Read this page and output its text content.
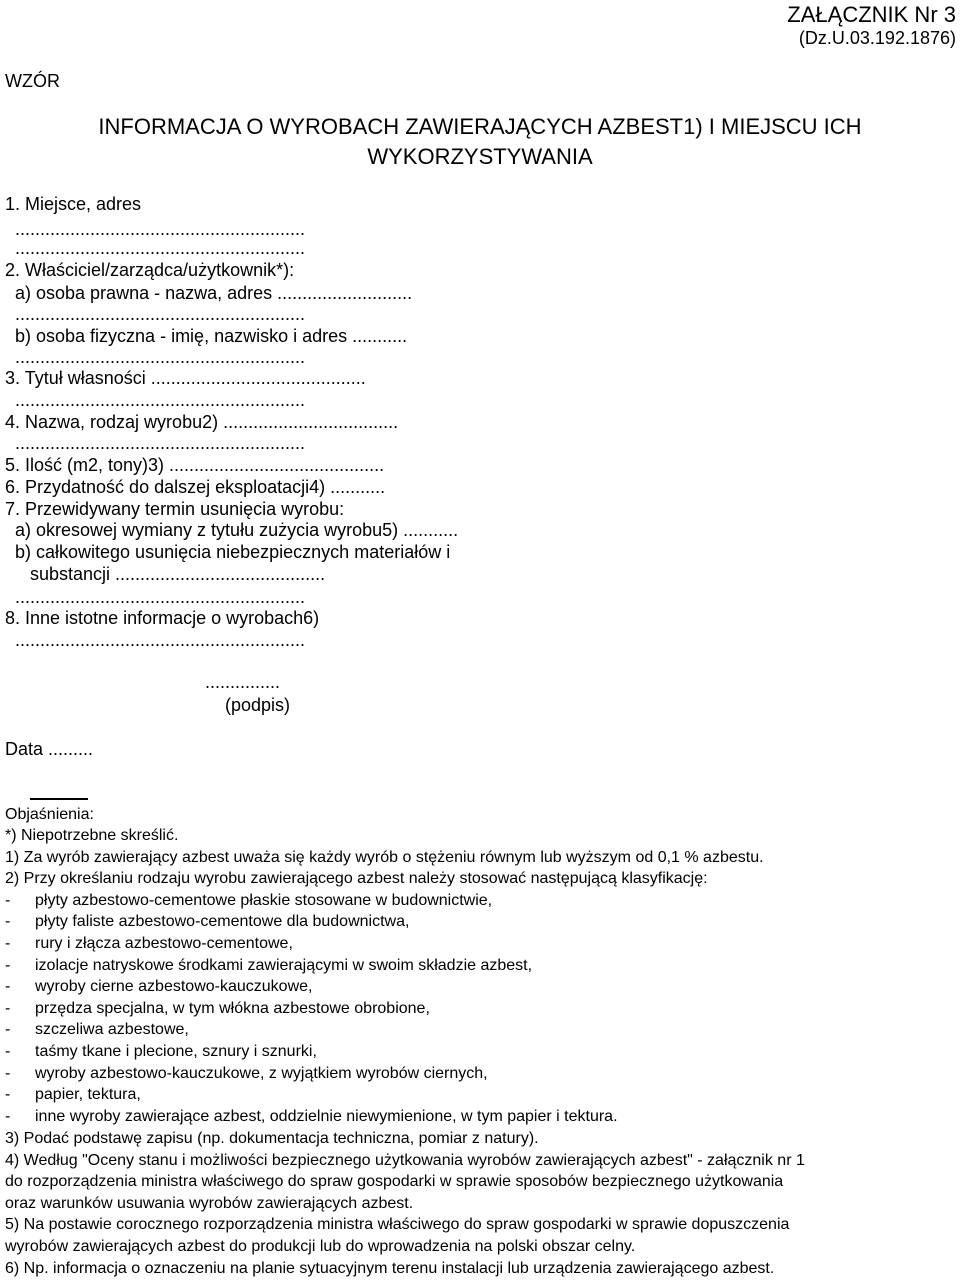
ZAŁĄCZNIK Nr 3
(Dz.U.03.192.1876)
WZÓR
INFORMACJA O WYROBACH ZAWIERAJĄCYCH AZBEST1) I MIEJSCU ICH
WYKORZYSTYWANIA
1. Miejsce, adres
..........................................................
..........................................................
2. Właściciel/zarządca/użytkownik*):
a) osoba prawna - nazwa, adres ...........................
..........................................................
b) osoba fizyczna - imię, nazwisko i adres ...........
..........................................................
3. Tytuł własności ...........................................
..........................................................
4. Nazwa, rodzaj wyrobu2) ...................................
..........................................................
5. Ilość (m2, tony)3) ...........................................
6. Przydatność do dalszej eksploatacji4) ...........
7. Przewidywany termin usunięcia wyrobu:
a) okresowej wymiany z tytułu zużycia wyrobu5) ...........
b) całkowitego usunięcia niebezpiecznych materiałów i
substancji ..........................................
..........................................................
8. Inne istotne informacje o wyrobach6)
..........................................................
...............
(podpis)
Data .........
Objaśnienia:
*) Niepotrzebne skreślić.
1) Za wyrób zawierający azbest uważa się każdy wyrób o stężeniu równym lub wyższym od 0,1 % azbestu.
2) Przy określaniu rodzaju wyrobu zawierającego azbest należy stosować następującą klasyfikację:
- płyty azbestowo-cementowe płaskie stosowane w budownictwie,
- płyty faliste azbestowo-cementowe dla budownictwa,
- rury i złącza azbestowo-cementowe,
- izolacje natryskowe środkami zawierającymi w swoim składzie azbest,
- wyroby cierne azbestowo-kauczukowe,
- przędza specjalna, w tym włókna azbestowe obrobione,
- szczeliwa azbestowe,
- taśmy tkane i plecione, sznury i sznurki,
- wyroby azbestowo-kauczukowe, z wyjątkiem wyrobów ciernych,
- papier, tektura,
- inne wyroby zawierające azbest, oddzielnie niewymienione, w tym papier i tektura.
3) Podać podstawę zapisu (np. dokumentacja techniczna, pomiar z natury).
4) Według "Oceny stanu i możliwości bezpiecznego użytkowania wyrobów zawierających azbest" - załącznik nr 1
do rozporządzenia ministra właściwego do spraw gospodarki w sprawie sposobów bezpiecznego użytkowania
oraz warunków usuwania wyrobów zawierających azbest.
5) Na postawie corocznego rozporządzenia ministra właściwego do spraw gospodarki w sprawie dopuszczenia
wyrobów zawierających azbest do produkcji lub do wprowadzenia na polski obszar celny.
6) Np. informacja o oznaczeniu na planie sytuacyjnym terenu instalacji lub urządzenia zawierającego azbest.
